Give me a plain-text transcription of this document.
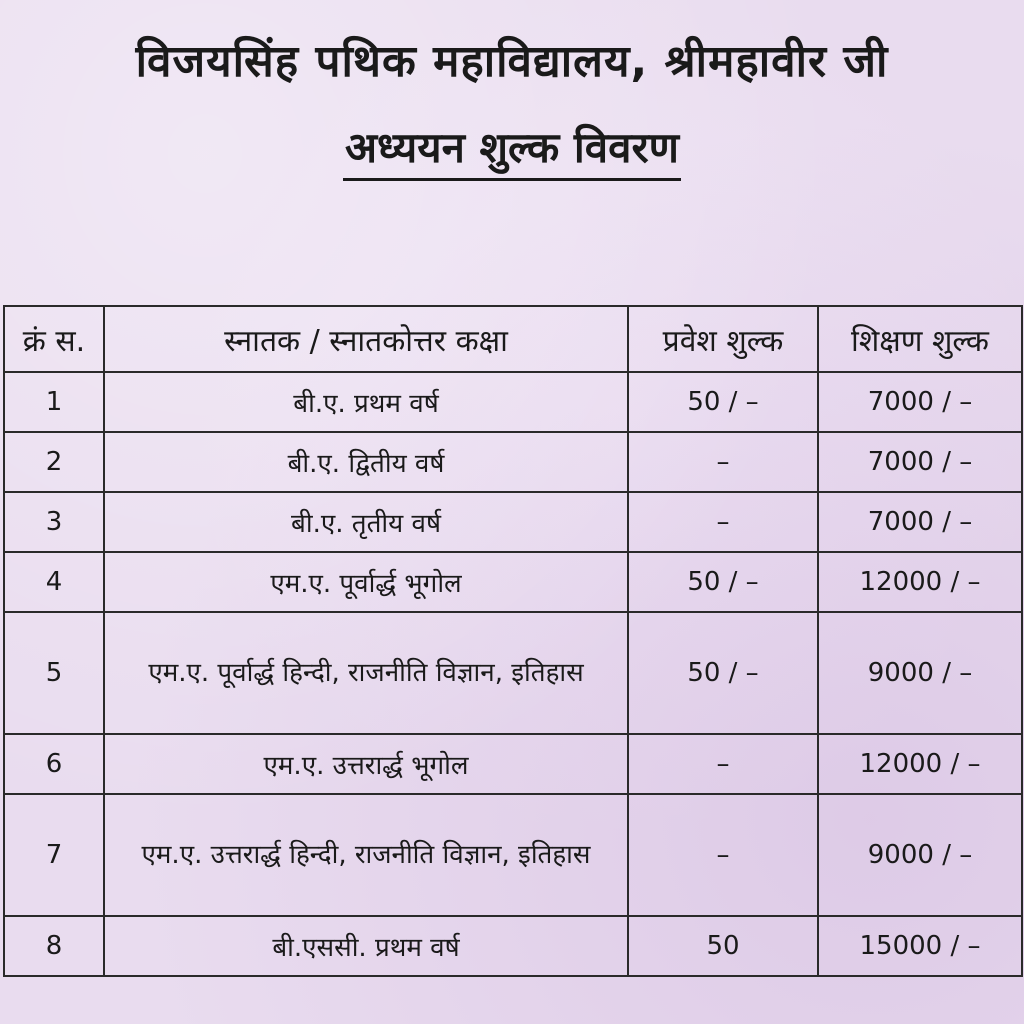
विजयसिंह पथिक महाविद्यालय, श्रीमहावीर जी
अध्ययन शुल्क विवरण
क्रं स.	स्नातक / स्नातकोत्तर कक्षा	प्रवेश शुल्क	शिक्षण शुल्क
1	बी.ए. प्रथम वर्ष	50 / –	7000 / –
2	बी.ए. द्वितीय वर्ष	–	7000 / –
3	बी.ए. तृतीय वर्ष	–	7000 / –
4	एम.ए. पूर्वार्द्ध भूगोल	50 / –	12000 / –
5	एम.ए. पूर्वार्द्ध हिन्दी, राजनीति विज्ञान, इतिहास	50 / –	9000 / –
6	एम.ए. उत्तरार्द्ध भूगोल	–	12000 / –
7	एम.ए. उत्तरार्द्ध हिन्दी, राजनीति विज्ञान, इतिहास	–	9000 / –
8	बी.एससी. प्रथम वर्ष	50	15000 / –
